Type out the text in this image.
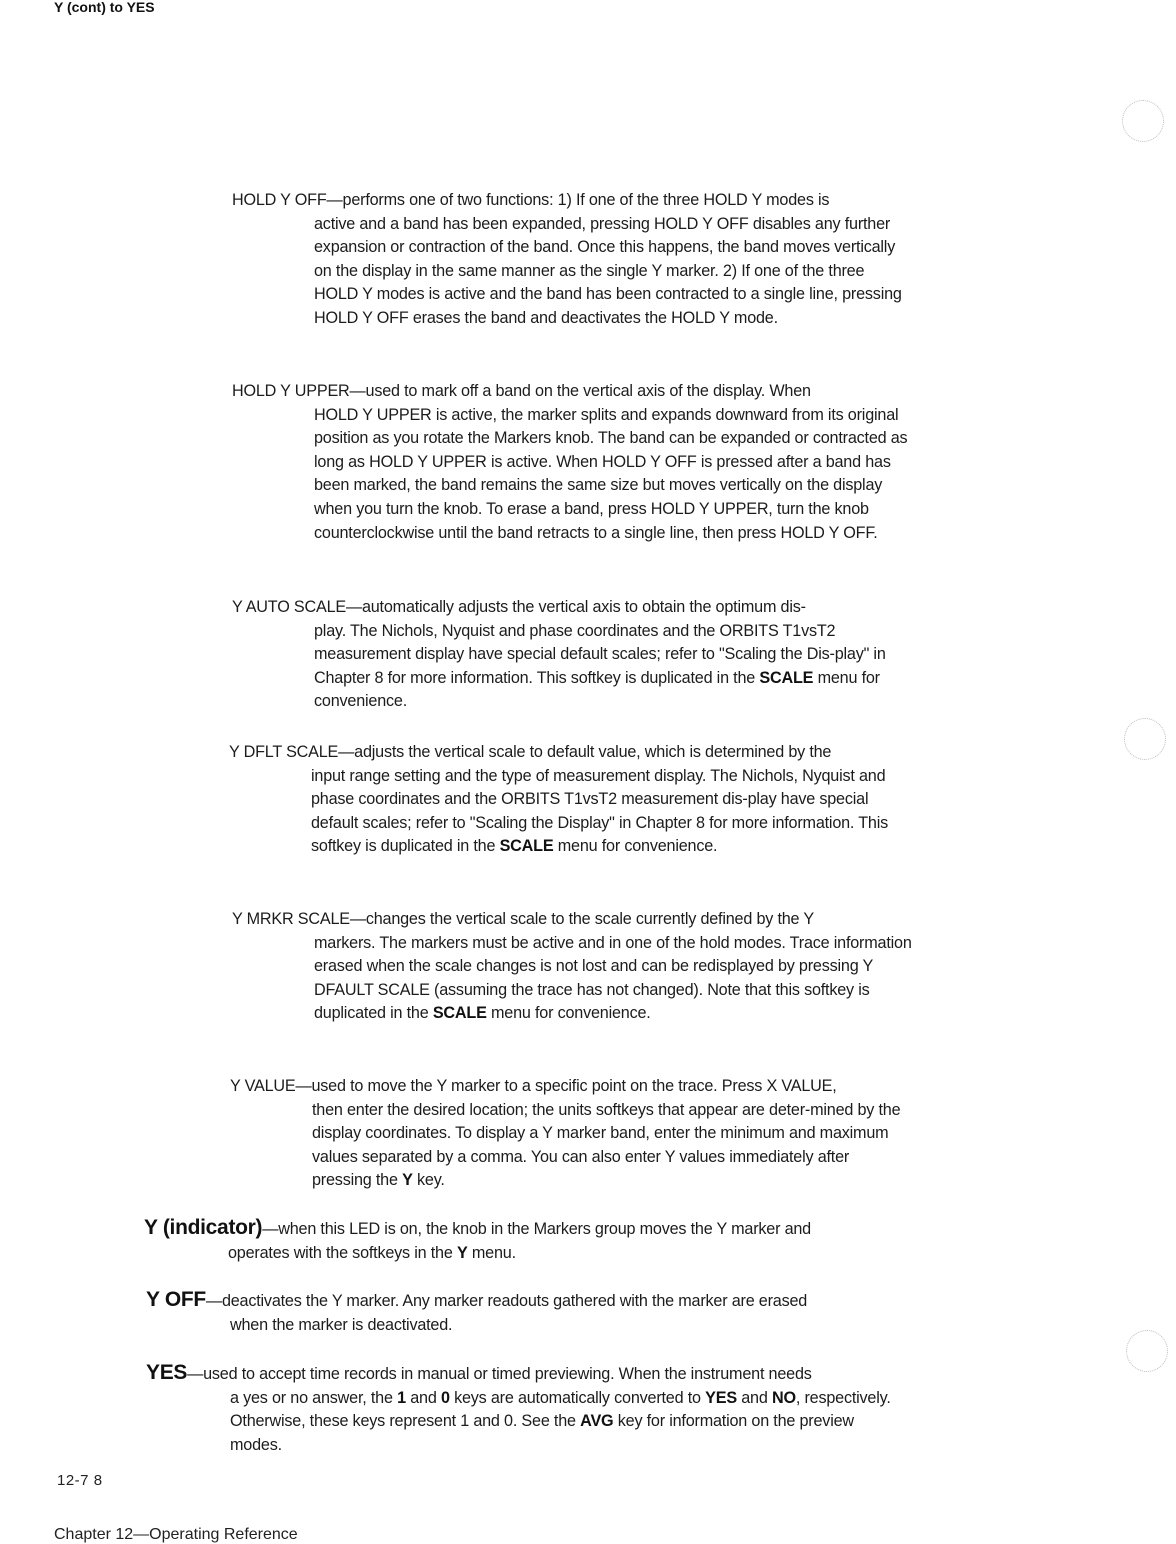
Y (cont) to YES

HOLD Y OFF—performs one of two functions: 1) If one of the three HOLD Y modes is

active and a band has been expanded, pressing HOLD Y OFF disables any further expansion or contraction of the band. Once this happens, the band moves vertically on the display in the same manner as the single Y marker. 2) If one of the three HOLD Y modes is active and the band has been contracted to a single line, pressing HOLD Y OFF erases the band and deactivates the HOLD Y mode.

HOLD Y UPPER—used to mark off a band on the vertical axis of the display. When

HOLD Y UPPER is active, the marker splits and expands downward from its original position as you rotate the Markers knob. The band can be expanded or contracted as long as HOLD Y UPPER is active. When HOLD Y OFF is pressed after a band has been marked, the band remains the same size but moves vertically on the display when you turn the knob. To erase a band, press HOLD Y UPPER, turn the knob counterclockwise until the band retracts to a single line, then press HOLD Y OFF.

Y AUTO SCALE—automatically adjusts the vertical axis to obtain the optimum dis-

play. The Nichols, Nyquist and phase coordinates and the ORBITS T1vsT2 measurement display have special default scales; refer to "Scaling the Dis-play" in Chapter 8 for more information. This softkey is duplicated in the SCALE menu for convenience.

Y DFLT SCALE—adjusts the vertical scale to default value, which is determined by the

input range setting and the type of measurement display. The Nichols, Nyquist and phase coordinates and the ORBITS T1vsT2 measurement dis-play have special default scales; refer to "Scaling the Display" in Chapter 8 for more information. This softkey is duplicated in the SCALE menu for convenience.

Y MRKR SCALE—changes the vertical scale to the scale currently defined by the Y

markers. The markers must be active and in one of the hold modes. Trace information erased when the scale changes is not lost and can be redisplayed by pressing Y DFAULT SCALE (assuming the trace has not changed). Note that this softkey is duplicated in the SCALE menu for convenience.

Y VALUE—used to move the Y marker to a specific point on the trace. Press X VALUE,

then enter the desired location; the units softkeys that appear are deter-mined by the display coordinates. To display a Y marker band, enter the minimum and maximum values separated by a comma. You can also enter Y values immediately after pressing the Y key.

Y (indicator)—when this LED is on, the knob in the Markers group moves the Y marker and

operates with the softkeys in the Y menu.

Y OFF—deactivates the Y marker. Any marker readouts gathered with the marker are erased

when the marker is deactivated.

YES—used to accept time records in manual or timed previewing. When the instrument needs

a yes or no answer, the 1 and 0 keys are automatically converted to YES and NO, respectively. Otherwise, these keys represent 1 and 0. See the AVG key for information on the preview modes.
12-7 8
Chapter 12—Operating Reference
